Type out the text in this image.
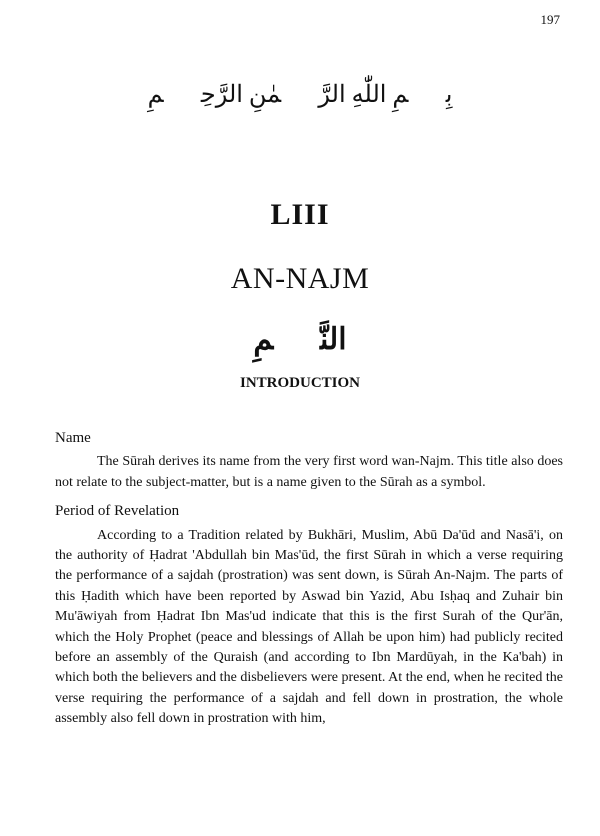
197
بِسۡمِ اللّٰهِ الرَّحۡمٰنِ الرَّحِيۡمِ
LIII
AN-NAJM
النَّجۡمِ
INTRODUCTION
Name

The Sūrah derives its name from the very first word wan-Najm. This title also does not relate to the subject-matter, but is a name given to the Sūrah as a symbol.

Period of Revelation

According to a Tradition related by Bukhāri, Muslim, Abū Da'ūd and Nasā'i, on the authority of Ḥadrat 'Abdullah bin Mas'ūd, the first Sūrah in which a verse requiring the performance of a sajdah (prostration) was sent down, is Sūrah An-Najm. The parts of this Ḥadith which have been reported by Aswad bin Yazid, Abu Isḥaq and Zuhair bin Mu'āwiyah from Ḥadrat Ibn Mas'ud indicate that this is the first Surah of the Qur'ān, which the Holy Prophet (peace and blessings of Allah be upon him) had publicly recited before an assembly of the Quraish (and according to Ibn Mardūyah, in the Ka'bah) in which both the believers and the disbelievers were present. At the end, when he recited the verse requiring the performance of a sajdah and fell down in prostration, the whole assembly also fell down in prostration with him,
